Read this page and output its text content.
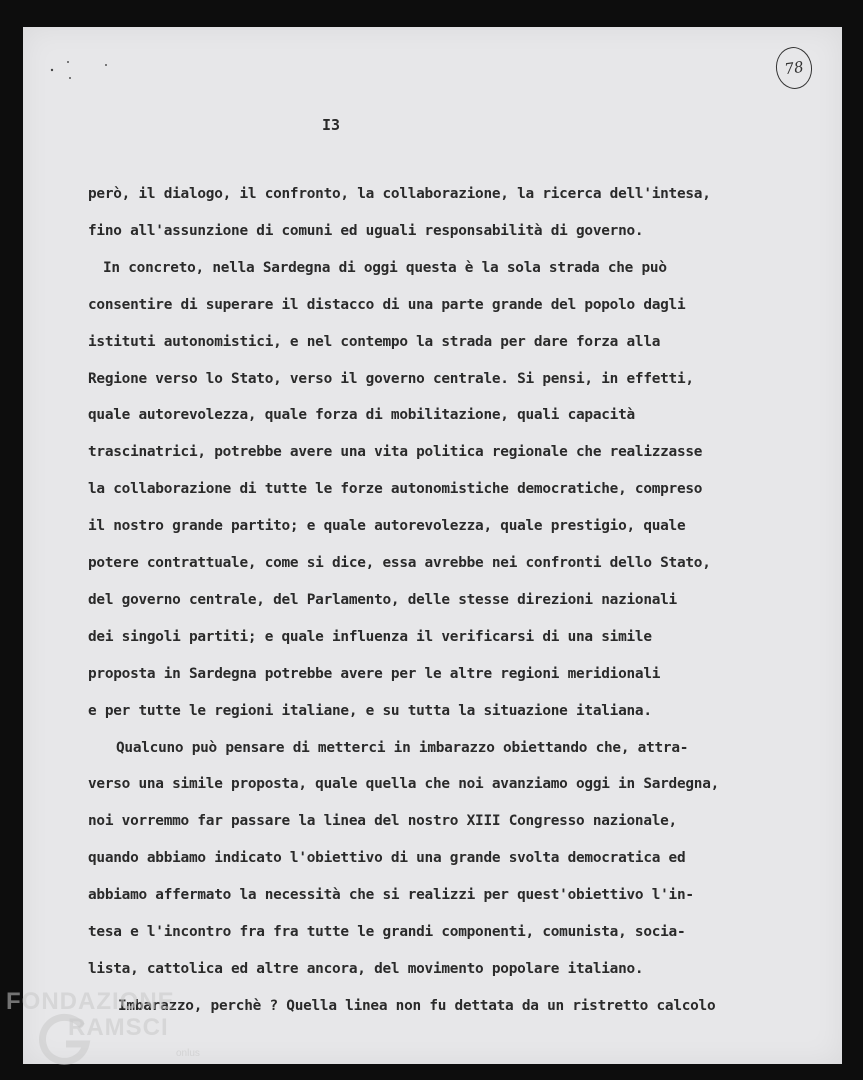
78
I3
però, il dialogo, il confronto, la collaborazione, la ricerca dell'intesa,
fino all'assunzione di comuni ed uguali responsabilità di governo.
In concreto, nella Sardegna di oggi questa è la sola strada che può
consentire di superare il distacco di una parte grande del popolo dagli
istituti autonomistici, e nel contempo la strada per dare forza alla
Regione verso lo Stato, verso il governo centrale. Si pensi, in effetti,
quale autorevolezza, quale forza di mobilitazione, quali capacità
trascinatrici, potrebbe avere una vita politica regionale che realizzasse
la collaborazione di tutte le forze autonomistiche democratiche, compreso
il nostro grande partito; e quale autorevolezza, quale prestigio, quale
potere contrattuale, come si dice, essa avrebbe nei confronti dello Stato,
del governo centrale, del Parlamento, delle stesse direzioni nazionali
dei singoli partiti; e quale influenza il verificarsi di una simile
proposta in Sardegna potrebbe avere per le altre regioni meridionali
e per tutte le regioni italiane, e su tutta la situazione italiana.
Qualcuno può pensare di metterci in imbarazzo obiettando che, attra-
verso una simile proposta, quale quella che noi avanziamo oggi in Sardegna,
noi vorremmo far passare la linea del nostro XIII Congresso nazionale,
quando abbiamo indicato l'obiettivo di una grande svolta democratica ed
abbiamo affermato la necessità che si realizzi per quest'obiettivo l'in-
tesa e l'incontro fra fra tutte le grandi componenti, comunista, socia-
lista, cattolica ed altre ancora, del movimento popolare italiano.
Imbarazzo, perchè ? Quella linea non fu dettata da un ristretto calcolo
FONDAZIONE
RAMSCI
onlus
